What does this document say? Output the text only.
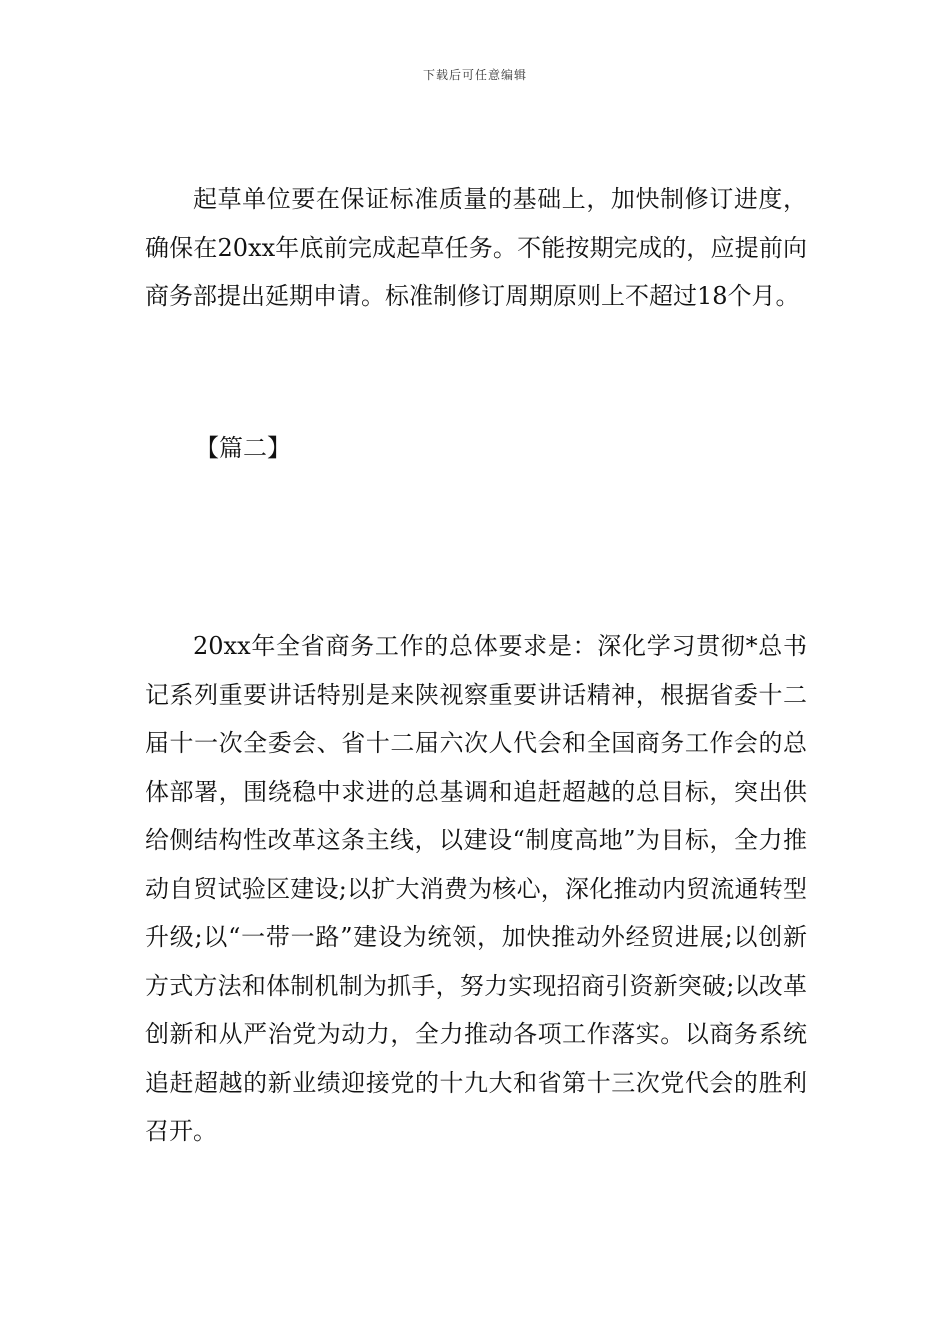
下载后可任意编辑

起草单位要在保证标准质量的基础上，加快制修订进度，确保在20xx年底前完成起草任务。不能按期完成的，应提前向商务部提出延期申请。标准制修订周期原则上不超过18个月。

【篇二】

20xx年全省商务工作的总体要求是：深化学习贯彻*总书记系列重要讲话特别是来陕视察重要讲话精神，根据省委十二届十一次全委会、省十二届六次人代会和全国商务工作会的总体部署，围绕稳中求进的总基调和追赶超越的总目标，突出供给侧结构性改革这条主线，以建设“制度高地”为目标，全力推动自贸试验区建设;以扩大消费为核心，深化推动内贸流通转型升级;以“一带一路”建设为统领，加快推动外经贸进展;以创新方式方法和体制机制为抓手，努力实现招商引资新突破;以改革创新和从严治党为动力，全力推动各项工作落实。以商务系统追赶超越的新业绩迎接党的十九大和省第十三次党代会的胜利召开。
